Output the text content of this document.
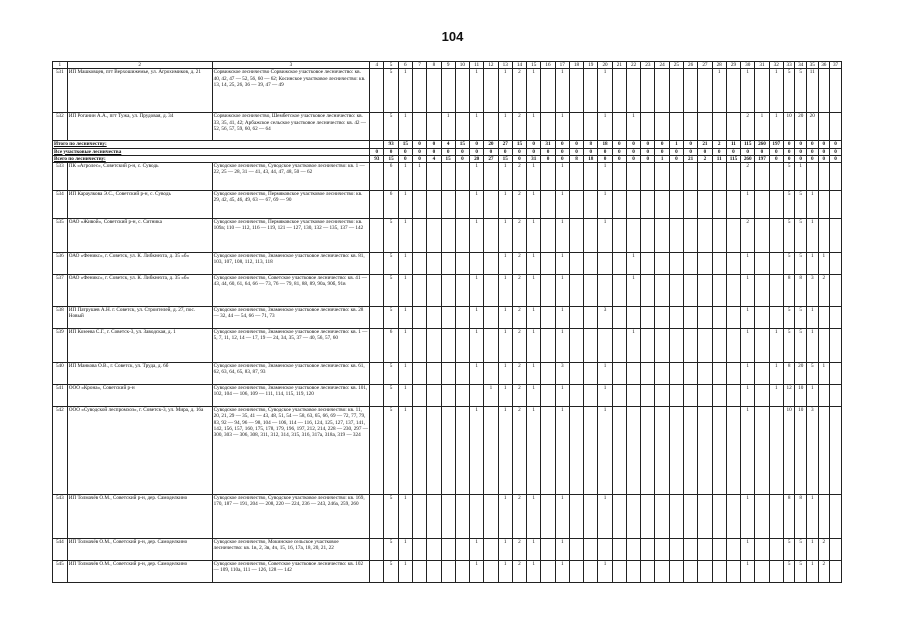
104
1	2	3	4	5	6	7	8	9	10	11	12	13	14	15	16	17	18	19	20	21	22	23	24	25	26	27	28	29	30	31	32	33	34	35	36	37
531	ИП Машковцев, пгт Верхошижемье, ул. Агрохимиков, д. 21	Сорвижское лесничество Сорвижское участковое лесничество: кв. 40, 42, 47 — 52, 56, 60 — 62; Косинское участковое лесничество: кв. 13, 14, 25, 26, 36 — 39, 47 — 49		5	1					1		1	2	1		1			1								1		1		1	5	5	11		
532	ИП Роганин А.А., пгт Тужа, ул. Прудовая, д. 34	Сорвижское лесничество, Шембетское участковое лесничество: кв. 33, 35, 41, 42; Арбажское сельское участковое лесничество: кв. 42 — 52, 56, 57, 59, 60, 62 — 64		5	1			1		1		1	2	1		1			1		1								2	1	1	10	20	20		
Итого по лесничеству:				93	15	0	0	4	15	0	20	27	15	0	31	0	0	8	18	0	0	0	0	1	0	21	2	11	115	260	197	0	0	0	0	0
Все участковые лесничества			0	0	0	0	0	0	0	0	0	0	0	0	0	0	0	0	0	0	0	0	0	0	0	0	0	0	0	0	0	0	0	0	0	0
Всего по лесничеству:			93	15	0	0	4	15	0	20	27	15	0	31	0	0	8	18	0	0	0	0	1	0	21	2	11	115	260	197	0	0	0	0	0	0
533	ПК «Агролес», Советский р-н, с. Суводь	Суводское лесничество, Суводское участковое лесничество: кв. 1 — 22, 25 — 28, 31 — 41, 43, 44, 47, 48, 50 — 62		6	1	1				1		1	2	1		1			1										2			5	1			
534	ИП Караулкова Э.С., Советский р-н, с. Суводь	Суводское лесничество, Пермяковское участковое лесничество: кв. 29, 42, 45, 46, 49, 63 — 67, 69 — 90		6	1					1		1	2	1		1			1										1			5	5	1		
535	ОАО «Живой», Советский р-н, с. Ситника	Суводское лесничество, Пермяковское участковое лесничество: кв. 109а; 110 — 112, 116 — 119, 121 — 127, 130, 132 — 135, 137 — 142		5	1					1		1	2	1		1			1										2			5	5	1		
536	ОАО «Феникс», г. Советск, ул. К. Либкнехта, д. 35 «б»	Суводское лесничество, Знаменское участковое лесничество: кв. 81, 103, 107, 108, 112, 113, 118		5	1							1	2	1		1					1								1			5	5	1	1	
537	ОАО «Феникс», г. Советск, ул. К. Либкнехта, д. 35 «б»	Суводское лесничество, Советское участковое лесничество: кв. 41 — 43, 44, 60, 61, 64, 66 — 73, 76 — 79, 81, 88, 89, 90а, 90б, 91в		5	1					1		1	2	1		1					1								1			8	8	3	2	
538	ИП Патрушев А.Н. г. Советск, ул. Строителей, д. 27, пос. Новый	Суводское лесничество, Знаменское участковое лесничество: кв. 28 — 32, 44 — 54, 66 — 71, 73		5	1					1		1	2	1		1			3										1			5	5	1		
539	ИП Козеева С.Г., г. Советск-3, ул. Заводская, д. 1	Суводское лесничество, Знаменское участковое лесничество: кв. 1 — 5, 7, 11, 12, 14 — 17, 19 — 24, 34, 35, 37 — 40, 56, 57, 60		6	1					1		1	2	1		1					1								1		1	5	5	1		
540	ИП Манкова О.В., г. Советск, ул. Труда, д. 6б	Суводское лесничество, Знаменское участковое лесничество: кв. 61, 62, 63, 64, 65, 83, 87, 93		5	1					1		1	2	1		3			1										1		1	8	20	5	1	
541	ООО «Крона», Советский р-н	Суводское лесничество, Знаменское участковое лесничество: кв. 101, 102, 104 — 106, 109 — 111, 114, 115, 119, 120		5	1						1	1	2	1		1			1										1		1	12	10	1		
542	ООО «Суводской леспромхоз», г. Советск-3, ул. Мира, д. 16а	Суводское лесничество, Суводское участковое лесничество: кв. 11, 20, 21, 29 — 35, 41 — 43, 48, 51, 54 — 58, 63, 65, 66, 69 — 72, 77, 79, 83, 92 — 94, 96 — 98, 104 — 106, 114 — 116, 124, 125, 127, 137, 141, 142, 156, 157, 160, 175, 178, 179, 196, 197, 212, 214, 228 — 230, 297 — 300, 303 — 306, 308, 311, 312, 314, 315, 316, 317а, 318а, 319 — 324		5	1					1		1	2	1		1			1										1			10	10	3		
543	ИП Толмачёв О.М., Советский р-н, дер. Самоделкино	Суводское лесничество, Суводское участковое лесничество: кв. 169, 170, 187 — 191, 204 — 208, 220 — 224, 236 — 243, 246а, 259, 260		5	1							1	2	1		1			1										1			8	8	1		
544	ИП Толмачёв О.М., Советский р-н, дер. Самоделкино	Суводское лесничество, Мокинское сельское участковое лесничество: кв. 1в, 2, 3в, 4ч, 15, 16, 17а, 18, 20, 21, 22		5	1					1		1	2	1		1													1			5	5	1	2	
545	ИП Толмачёв О.М., Советский р-н, дер. Самоделкино	Суводское лесничество, Советское участковое лесничество: кв. 102 — 109, 110а, 111 — 126, 128 — 142		5	1					1		1	2	1		1			1										1			5	5	1	2	
